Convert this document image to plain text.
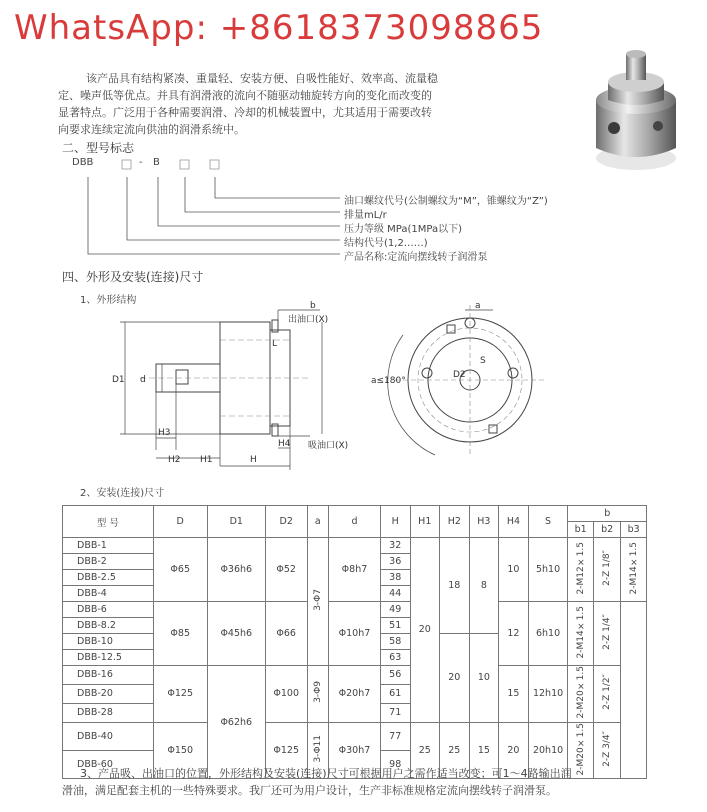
WhatsApp: +8618373098865

该产品具有结构紧凑、重量轻、安装方便、自吸性能好、效率高、流量稳

定、噪声低等优点。并具有润滑液的流向不随驱动轴旋转方向的变化而改变的

显著特点。广泛用于各种需要润滑、冷却的机械装置中，尤其适用于需要改转

向要求连续定流向供油的润滑系统中。

二、型号标志
DBB	- B
油口螺纹代号(公制螺纹为“M”，锥螺纹为“Z”)
排量mL/r
压力等级 MPa(1MPa以下)
结构代号(1,2……)
产品名称:定流向摆线转子润滑泵
四、外形及安装(连接)尺寸
1、外形结构	b
出油口(X)
L
D1 d
H3
H2 H1	H
H4 吸油口(X)
a
S
D2
a≤180°
2、安装(连接)尺寸
型 号	D	D1	D2	a	d	H	H1	H2	H3	H4	S	b		
												b1	b2	b3
DBB-1	Φ65	Φ36h6	Φ52	3-Φ7	Φ8h7	32	20	18	8	10	5h10	2-M12×1.5	2-Z 1/8″	2-M14×1.5
DBB-2						36								
DBB-2.5						38								
DBB-4						44								
DBB-6	Φ85	Φ45h6	Φ66		Φ10h7	49				12	6h10	2-M14×1.5	2-Z 1/4″	
DBB-8.2						51								
DBB-10						58		20	10					
DBB-12.5						63								
DBB-16	Φ125	Φ62h6	Φ100	3-Φ9	Φ20h7	56				15	12h10	2-M20×1.5	2-Z 1/2″	
DBB-20						61								
DBB-28						71								
DBB-40	Φ150		Φ125	3-Φ11	Φ30h7	77	25	25	15	20	20h10	2-M20×1.5	2-Z 3/4″	
DBB-60						98								

3、产品吸、出油口的位置，外形结构及安装(连接)尺寸可根据用户之需作适当改变；可1～4路输出润

滑油，满足配套主机的一些特殊要求。我厂还可为用户设计，生产非标准规格定流向摆线转子润滑泵。
